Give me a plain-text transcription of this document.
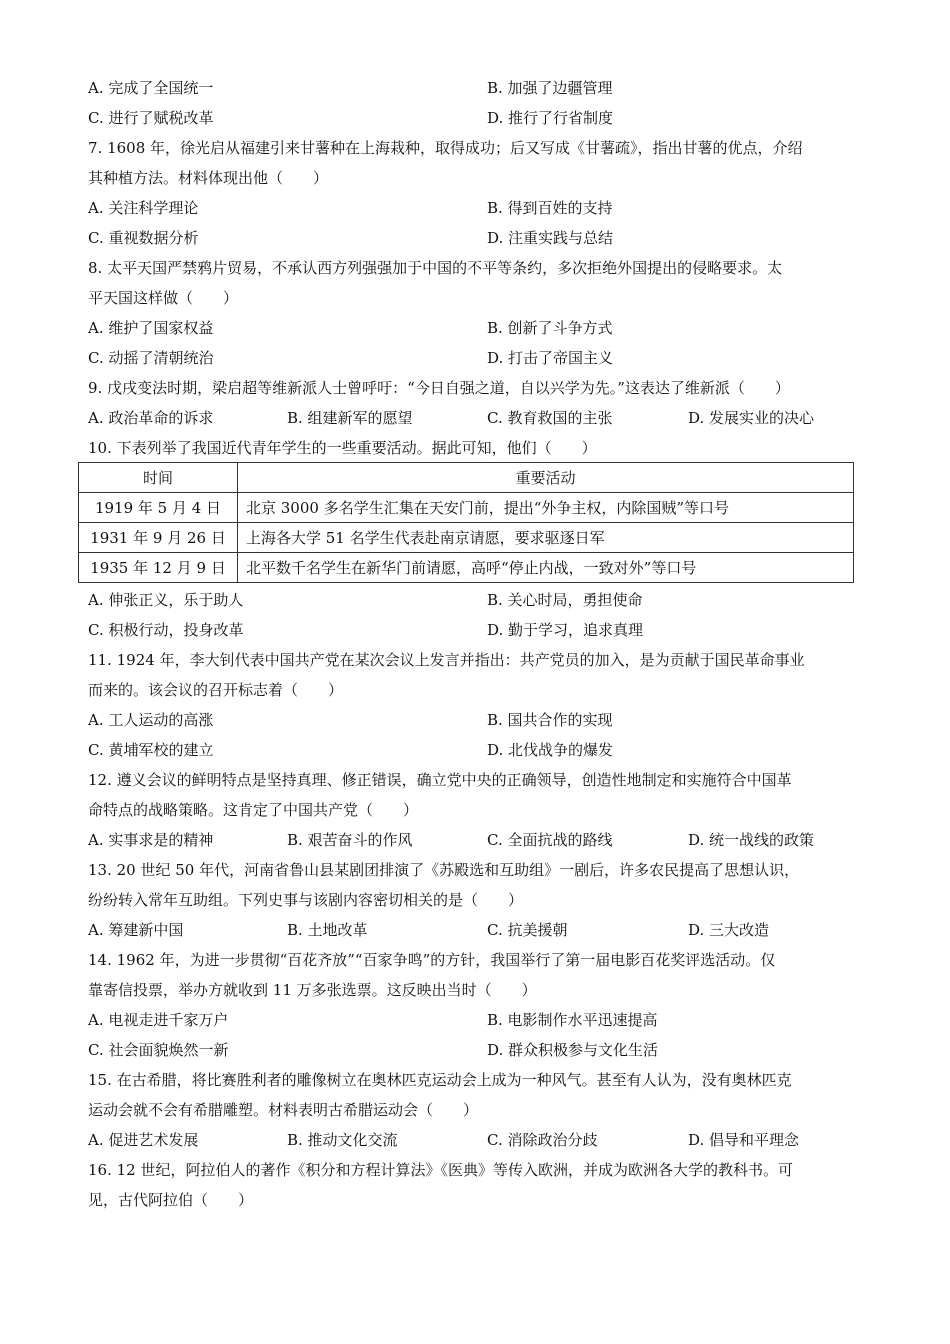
A. 完成了全国统一	B. 加强了边疆管理
C. 进行了赋税改革	D. 推行了行省制度
7. 1608 年，徐光启从福建引来甘薯种在上海栽种，取得成功；后又写成《甘薯疏》，指出甘薯的优点，介绍
其种植方法。材料体现出他（　　）
A. 关注科学理论	B. 得到百姓的支持
C. 重视数据分析	D. 注重实践与总结
8. 太平天国严禁鸦片贸易，不承认西方列强强加于中国的不平等条约，多次拒绝外国提出的侵略要求。太
平天国这样做（　　）
A. 维护了国家权益	B. 创新了斗争方式
C. 动摇了清朝统治	D. 打击了帝国主义
9. 戊戌变法时期，梁启超等维新派人士曾呼吁：“今日自强之道，自以兴学为先。”这表达了维新派（　　）
A. 政治革命的诉求	B. 组建新军的愿望	C. 教育救国的主张	D. 发展实业的决心
10. 下表列举了我国近代青年学生的一些重要活动。据此可知，他们（　　）
时间	重要活动
1919 年 5 月 4 日	北京 3000 多名学生汇集在天安门前，提出“外争主权，内除国贼”等口号
1931 年 9 月 26 日	上海各大学 51 名学生代表赴南京请愿，要求驱逐日军
1935 年 12 月 9 日	北平数千名学生在新华门前请愿，高呼“停止内战，一致对外”等口号
A. 伸张正义，乐于助人	B. 关心时局，勇担使命
C. 积极行动，投身改革	D. 勤于学习，追求真理
11. 1924 年，李大钊代表中国共产党在某次会议上发言并指出：共产党员的加入，是为贡献于国民革命事业
而来的。该会议的召开标志着（　　）
A. 工人运动的高涨	B. 国共合作的实现
C. 黄埔军校的建立	D. 北伐战争的爆发
12. 遵义会议的鲜明特点是坚持真理、修正错误，确立党中央的正确领导，创造性地制定和实施符合中国革
命特点的战略策略。这肯定了中国共产党（　　）
A. 实事求是的精神	B. 艰苦奋斗的作风	C. 全面抗战的路线	D. 统一战线的政策
13. 20 世纪 50 年代，河南省鲁山县某剧团排演了《苏殿选和互助组》一剧后，许多农民提高了思想认识，
纷纷转入常年互助组。下列史事与该剧内容密切相关的是（　　）
A. 筹建新中国	B. 土地改革	C. 抗美援朝	D. 三大改造
14. 1962 年，为进一步贯彻“百花齐放”“百家争鸣”的方针，我国举行了第一届电影百花奖评选活动。仅
靠寄信投票，举办方就收到 11 万多张选票。这反映出当时（　　）
A. 电视走进千家万户	B. 电影制作水平迅速提高
C. 社会面貌焕然一新	D. 群众积极参与文化生活
15. 在古希腊，将比赛胜利者的雕像树立在奥林匹克运动会上成为一种风气。甚至有人认为，没有奥林匹克
运动会就不会有希腊雕塑。材料表明古希腊运动会（　　）
A. 促进艺术发展	B. 推动文化交流	C. 消除政治分歧	D. 倡导和平理念
16. 12 世纪，阿拉伯人的著作《积分和方程计算法》《医典》等传入欧洲，并成为欧洲各大学的教科书。可
见，古代阿拉伯（　　）
